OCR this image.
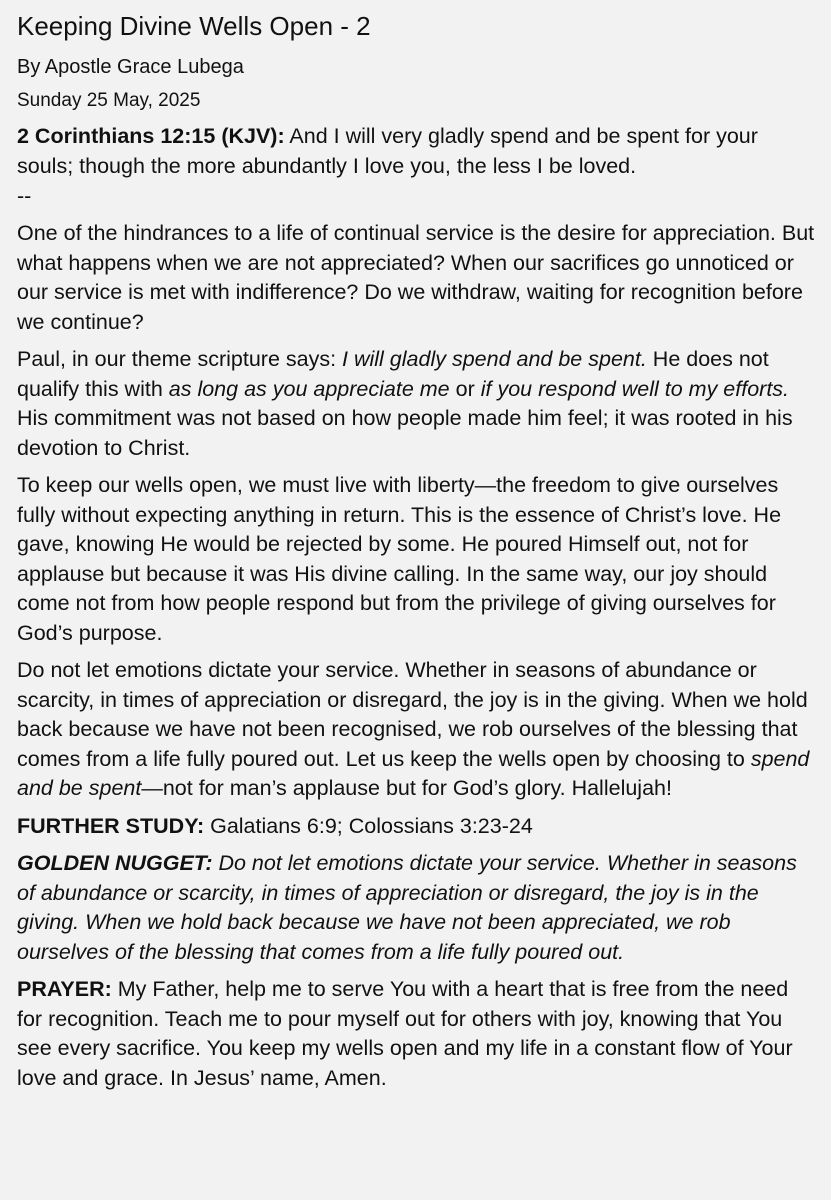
Keeping Divine Wells Open - 2
By Apostle Grace Lubega
Sunday 25 May, 2025
2 Corinthians 12:15 (KJV): And I will very gladly spend and be spent for your souls; though the more abundantly I love you, the less I be loved.
--
One of the hindrances to a life of continual service is the desire for appreciation. But what happens when we are not appreciated? When our sacrifices go unnoticed or our service is met with indifference? Do we withdraw, waiting for recognition before we continue?
Paul, in our theme scripture says: I will gladly spend and be spent. He does not qualify this with as long as you appreciate me or if you respond well to my efforts. His commitment was not based on how people made him feel; it was rooted in his devotion to Christ.
To keep our wells open, we must live with liberty—the freedom to give ourselves fully without expecting anything in return. This is the essence of Christ’s love. He gave, knowing He would be rejected by some. He poured Himself out, not for applause but because it was His divine calling. In the same way, our joy should come not from how people respond but from the privilege of giving ourselves for God’s purpose.
Do not let emotions dictate your service. Whether in seasons of abundance or scarcity, in times of appreciation or disregard, the joy is in the giving. When we hold back because we have not been recognised, we rob ourselves of the blessing that comes from a life fully poured out. Let us keep the wells open by choosing to spend and be spent—not for man’s applause but for God’s glory. Hallelujah!
FURTHER STUDY: Galatians 6:9; Colossians 3:23-24
GOLDEN NUGGET: Do not let emotions dictate your service. Whether in seasons of abundance or scarcity, in times of appreciation or disregard, the joy is in the giving. When we hold back because we have not been appreciated, we rob ourselves of the blessing that comes from a life fully poured out.
PRAYER: My Father, help me to serve You with a heart that is free from the need for recognition. Teach me to pour myself out for others with joy, knowing that You see every sacrifice. You keep my wells open and my life in a constant flow of Your love and grace. In Jesus’ name, Amen.
